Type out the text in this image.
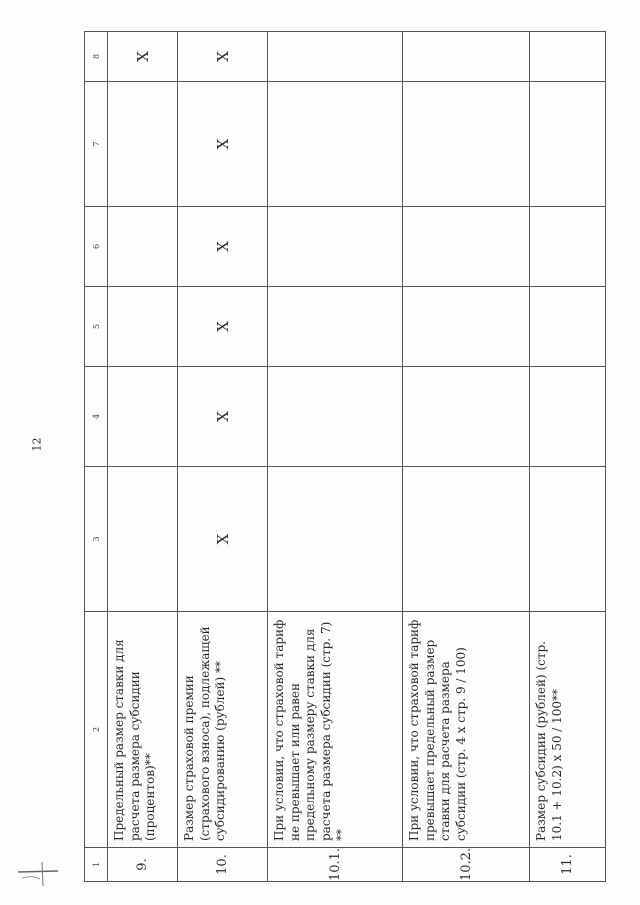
12
1	2	3	4	5	6	7	8
9.	Предельный размер ставки для расчета размера субсидии (процентов)**						X
10.	Размер страховой премии (страхового взноса), подлежащей субсидированию (рублей) **	X	X	X	X	X	X
10.1.	При условии, что страховой тариф не превышает или равен предельному размеру ставки для расчета размера субсидии (стр. 7) **						
10.2.	При условии, что страховой тариф превышает предельный размер ставки для расчета размера субсидии (стр. 4 х стр. 9 / 100)						
11.	Размер субсидии (рублей) (стр. 10.1 + 10.2) х 50 / 100**						
